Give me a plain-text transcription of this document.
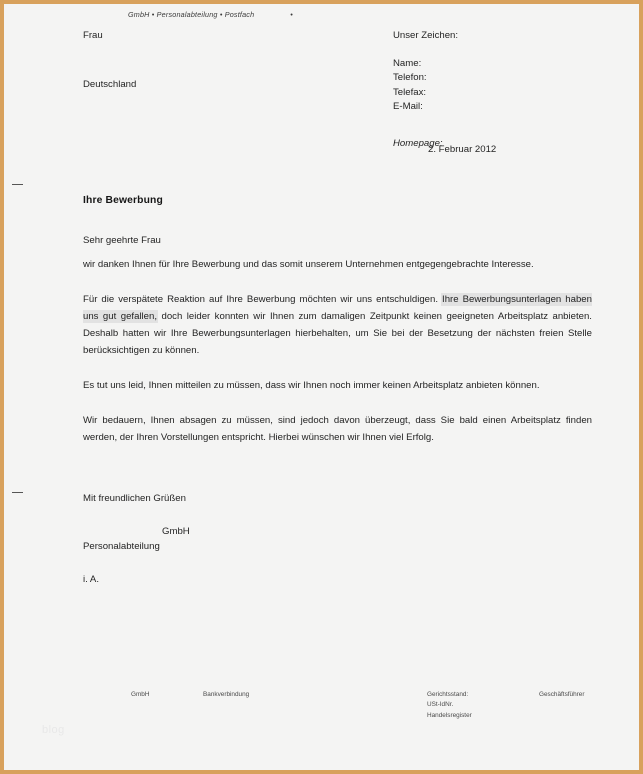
GmbH • Personalabteilung • Postfach	•
Frau
Deutschland
Unser Zeichen:
Name:
Telefon:
Telefax:
E-Mail:
Homepage:
2. Februar 2012
Ihre Bewerbung
Sehr geehrte Frau

wir danken Ihnen für Ihre Bewerbung und das somit unserem Unternehmen entgegengebrachte Interesse.

Für die verspätete Reaktion auf Ihre Bewerbung möchten wir uns entschuldigen. Ihre Bewerbungsunterlagen haben uns gut gefallen, doch leider konnten wir Ihnen zum damaligen Zeitpunkt keinen geeigneten Arbeitsplatz anbieten. Deshalb hatten wir Ihre Bewerbungsunterlagen hierbehalten, um Sie bei der Besetzung der nächsten freien Stelle berücksichtigen zu können.

Es tut uns leid, Ihnen mitteilen zu müssen, dass wir Ihnen noch immer keinen Arbeitsplatz anbieten können.

Wir bedauern, Ihnen absagen zu müssen, sind jedoch davon überzeugt, dass Sie bald einen Arbeitsplatz finden werden, der Ihren Vorstellungen entspricht. Hierbei wünschen wir Ihnen viel Erfolg.

Mit freundlichen Grüßen
GmbH
Personalabteilung
i. A.
GmbH	Bankverbindung	Gerichtsstand:
USt-IdNr.
Handelsregister
Geschäftsführer
blog
